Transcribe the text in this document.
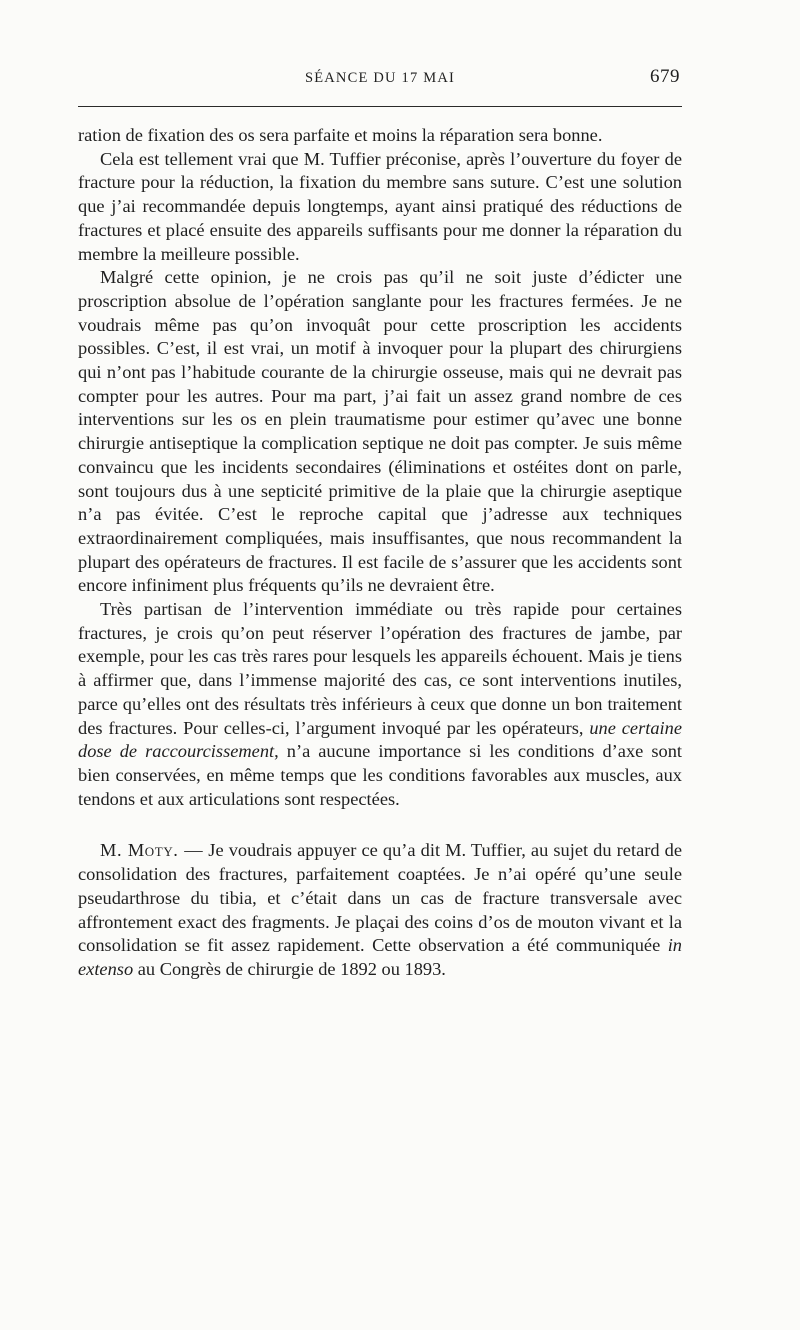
SÉANCE DU 17 MAI	679

ration de fixation des os sera parfaite et moins la réparation sera bonne.

Cela est tellement vrai que M. Tuffier préconise, après l’ouverture du foyer de fracture pour la réduction, la fixation du membre sans suture. C’est une solution que j’ai recommandée depuis longtemps, ayant ainsi pratiqué des réductions de fractures et placé ensuite des appareils suffisants pour me donner la réparation du membre la meilleure possible.

Malgré cette opinion, je ne crois pas qu’il ne soit juste d’édicter une proscription absolue de l’opération sanglante pour les fractures fermées. Je ne voudrais même pas qu’on invoquât pour cette proscription les accidents possibles. C’est, il est vrai, un motif à invoquer pour la plupart des chirurgiens qui n’ont pas l’habitude courante de la chirurgie osseuse, mais qui ne devrait pas compter pour les autres. Pour ma part, j’ai fait un assez grand nombre de ces interventions sur les os en plein traumatisme pour estimer qu’avec une bonne chirurgie antiseptique la complication septique ne doit pas compter. Je suis même convaincu que les incidents secondaires (éliminations et ostéites dont on parle, sont toujours dus à une septicité primitive de la plaie que la chirurgie aseptique n’a pas évitée. C’est le reproche capital que j’adresse aux techniques extraordinairement compliquées, mais insuffisantes, que nous recommandent la plupart des opérateurs de fractures. Il est facile de s’assurer que les accidents sont encore infiniment plus fréquents qu’ils ne devraient être.

Très partisan de l’intervention immédiate ou très rapide pour certaines fractures, je crois qu’on peut réserver l’opération des fractures de jambe, par exemple, pour les cas très rares pour lesquels les appareils échouent. Mais je tiens à affirmer que, dans l’immense majorité des cas, ce sont interventions inutiles, parce qu’elles ont des résultats très inférieurs à ceux que donne un bon traitement des fractures. Pour celles-ci, l’argument invoqué par les opérateurs, une certaine dose de raccourcissement, n’a aucune importance si les conditions d’axe sont bien conservées, en même temps que les conditions favorables aux muscles, aux tendons et aux articulations sont respectées.

M. Moty. — Je voudrais appuyer ce qu’a dit M. Tuffier, au sujet du retard de consolidation des fractures, parfaitement coaptées. Je n’ai opéré qu’une seule pseudarthrose du tibia, et c’était dans un cas de fracture transversale avec affrontement exact des fragments. Je plaçai des coins d’os de mouton vivant et la consolidation se fit assez rapidement. Cette observation a été communiquée in extenso au Congrès de chirurgie de 1892 ou 1893.
